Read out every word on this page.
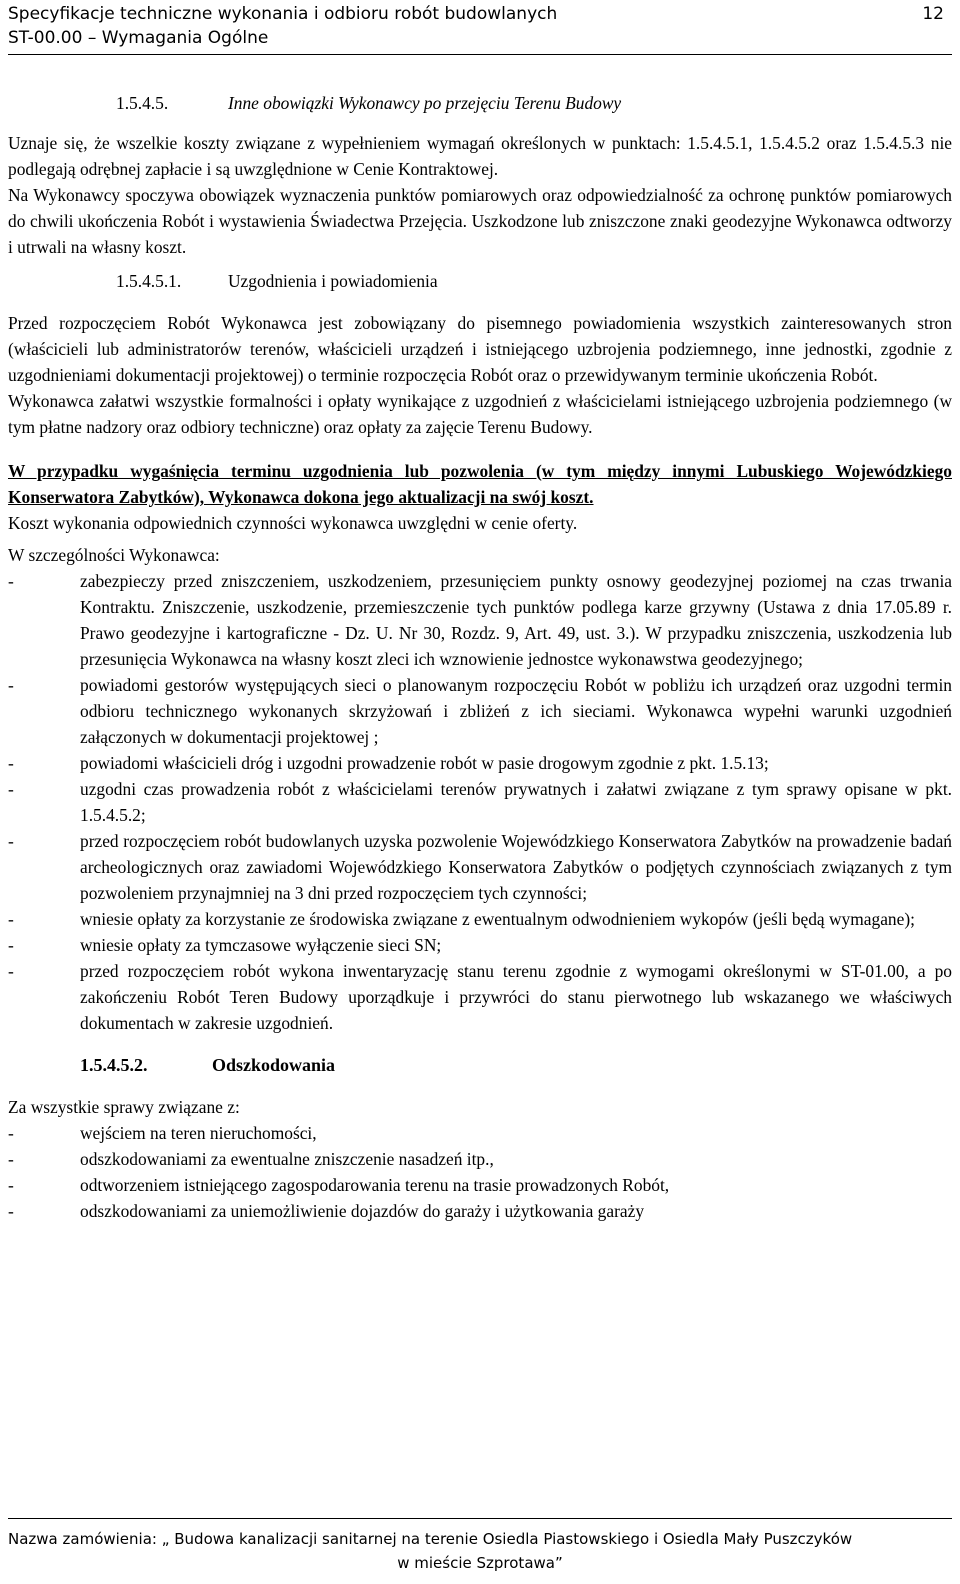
Specyfikacje techniczne wykonania i odbioru robót budowlanych
ST-00.00 – Wymagania Ogólne
12

1.5.4.5.	Inne obowiązki Wykonawcy po przejęciu Terenu Budowy

Uznaje się, że wszelkie koszty związane z wypełnieniem wymagań określonych w punktach: 1.5.4.5.1, 1.5.4.5.2 oraz 1.5.4.5.3 nie podlegają odrębnej zapłacie i są uwzględnione w Cenie Kontraktowej.

Na Wykonawcy spoczywa obowiązek wyznaczenia punktów pomiarowych oraz odpowiedzialność za ochronę punktów pomiarowych do chwili ukończenia Robót i wystawienia Świadectwa Przejęcia. Uszkodzone lub zniszczone znaki geodezyjne Wykonawca odtworzy i utrwali na własny koszt.

1.5.4.5.1.	Uzgodnienia i powiadomienia

Przed rozpoczęciem Robót Wykonawca jest zobowiązany do pisemnego powiadomienia wszystkich zainteresowanych stron (właścicieli lub administratorów terenów, właścicieli urządzeń i istniejącego uzbrojenia podziemnego, inne jednostki, zgodnie z uzgodnieniami dokumentacji projektowej) o terminie rozpoczęcia Robót oraz o przewidywanym terminie ukończenia Robót.

Wykonawca załatwi wszystkie formalności i opłaty wynikające z uzgodnień z właścicielami istniejącego uzbrojenia podziemnego (w tym płatne nadzory oraz odbiory techniczne) oraz opłaty za zajęcie Terenu Budowy.

W przypadku wygaśnięcia terminu uzgodnienia lub pozwolenia (w tym między innymi Lubuskiego Wojewódzkiego Konserwatora Zabytków), Wykonawca dokona jego aktualizacji na swój koszt.

Koszt wykonania odpowiednich czynności wykonawca uwzględni w cenie oferty.

W szczególności Wykonawca:

- zabezpieczy przed zniszczeniem, uszkodzeniem, przesunięciem punkty osnowy geodezyjnej poziomej na czas trwania Kontraktu. Zniszczenie, uszkodzenie, przemieszczenie tych punktów podlega karze grzywny (Ustawa z dnia 17.05.89 r. Prawo geodezyjne i kartograficzne - Dz. U. Nr 30, Rozdz. 9, Art. 49, ust. 3.). W przypadku zniszczenia, uszkodzenia lub przesunięcia Wykonawca na własny koszt zleci ich wznowienie jednostce wykonawstwa geodezyjnego;
- powiadomi gestorów występujących sieci o planowanym rozpoczęciu Robót w pobliżu ich urządzeń oraz uzgodni termin odbioru technicznego wykonanych skrzyżowań i zbliżeń z ich sieciami. Wykonawca wypełni warunki uzgodnień załączonych w dokumentacji projektowej ;
- powiadomi właścicieli dróg i uzgodni prowadzenie robót w pasie drogowym zgodnie z pkt. 1.5.13;
- uzgodni czas prowadzenia robót z właścicielami terenów prywatnych i załatwi związane z tym sprawy opisane w pkt. 1.5.4.5.2;
- przed rozpoczęciem robót budowlanych uzyska pozwolenie Wojewódzkiego Konserwatora Zabytków na prowadzenie badań archeologicznych oraz zawiadomi Wojewódzkiego Konserwatora Zabytków o podjętych czynnościach związanych z tym pozwoleniem przynajmniej na 3 dni przed rozpoczęciem tych czynności;
- wniesie opłaty za korzystanie ze środowiska związane z ewentualnym odwodnieniem wykopów (jeśli będą wymagane);
- wniesie opłaty za tymczasowe wyłączenie sieci SN;
- przed rozpoczęciem robót wykona inwentaryzację stanu terenu zgodnie z wymogami określonymi w ST-01.00, a po zakończeniu Robót Teren Budowy uporządkuje i przywróci do stanu pierwotnego lub wskazanego we właściwych dokumentach w zakresie uzgodnień.

1.5.4.5.2.	Odszkodowania

Za wszystkie sprawy związane z:

- wejściem na teren nieruchomości,
- odszkodowaniami za ewentualne zniszczenie nasadzeń itp.,
- odtworzeniem istniejącego zagospodarowania terenu na trasie prowadzonych Robót,
- odszkodowaniami za uniemożliwienie dojazdów do garaży i użytkowania garaży
Nazwa zamówienia: „ Budowa kanalizacji sanitarnej na terenie Osiedla Piastowskiego i Osiedla Mały Puszczyków
w mieście Szprotawa”
